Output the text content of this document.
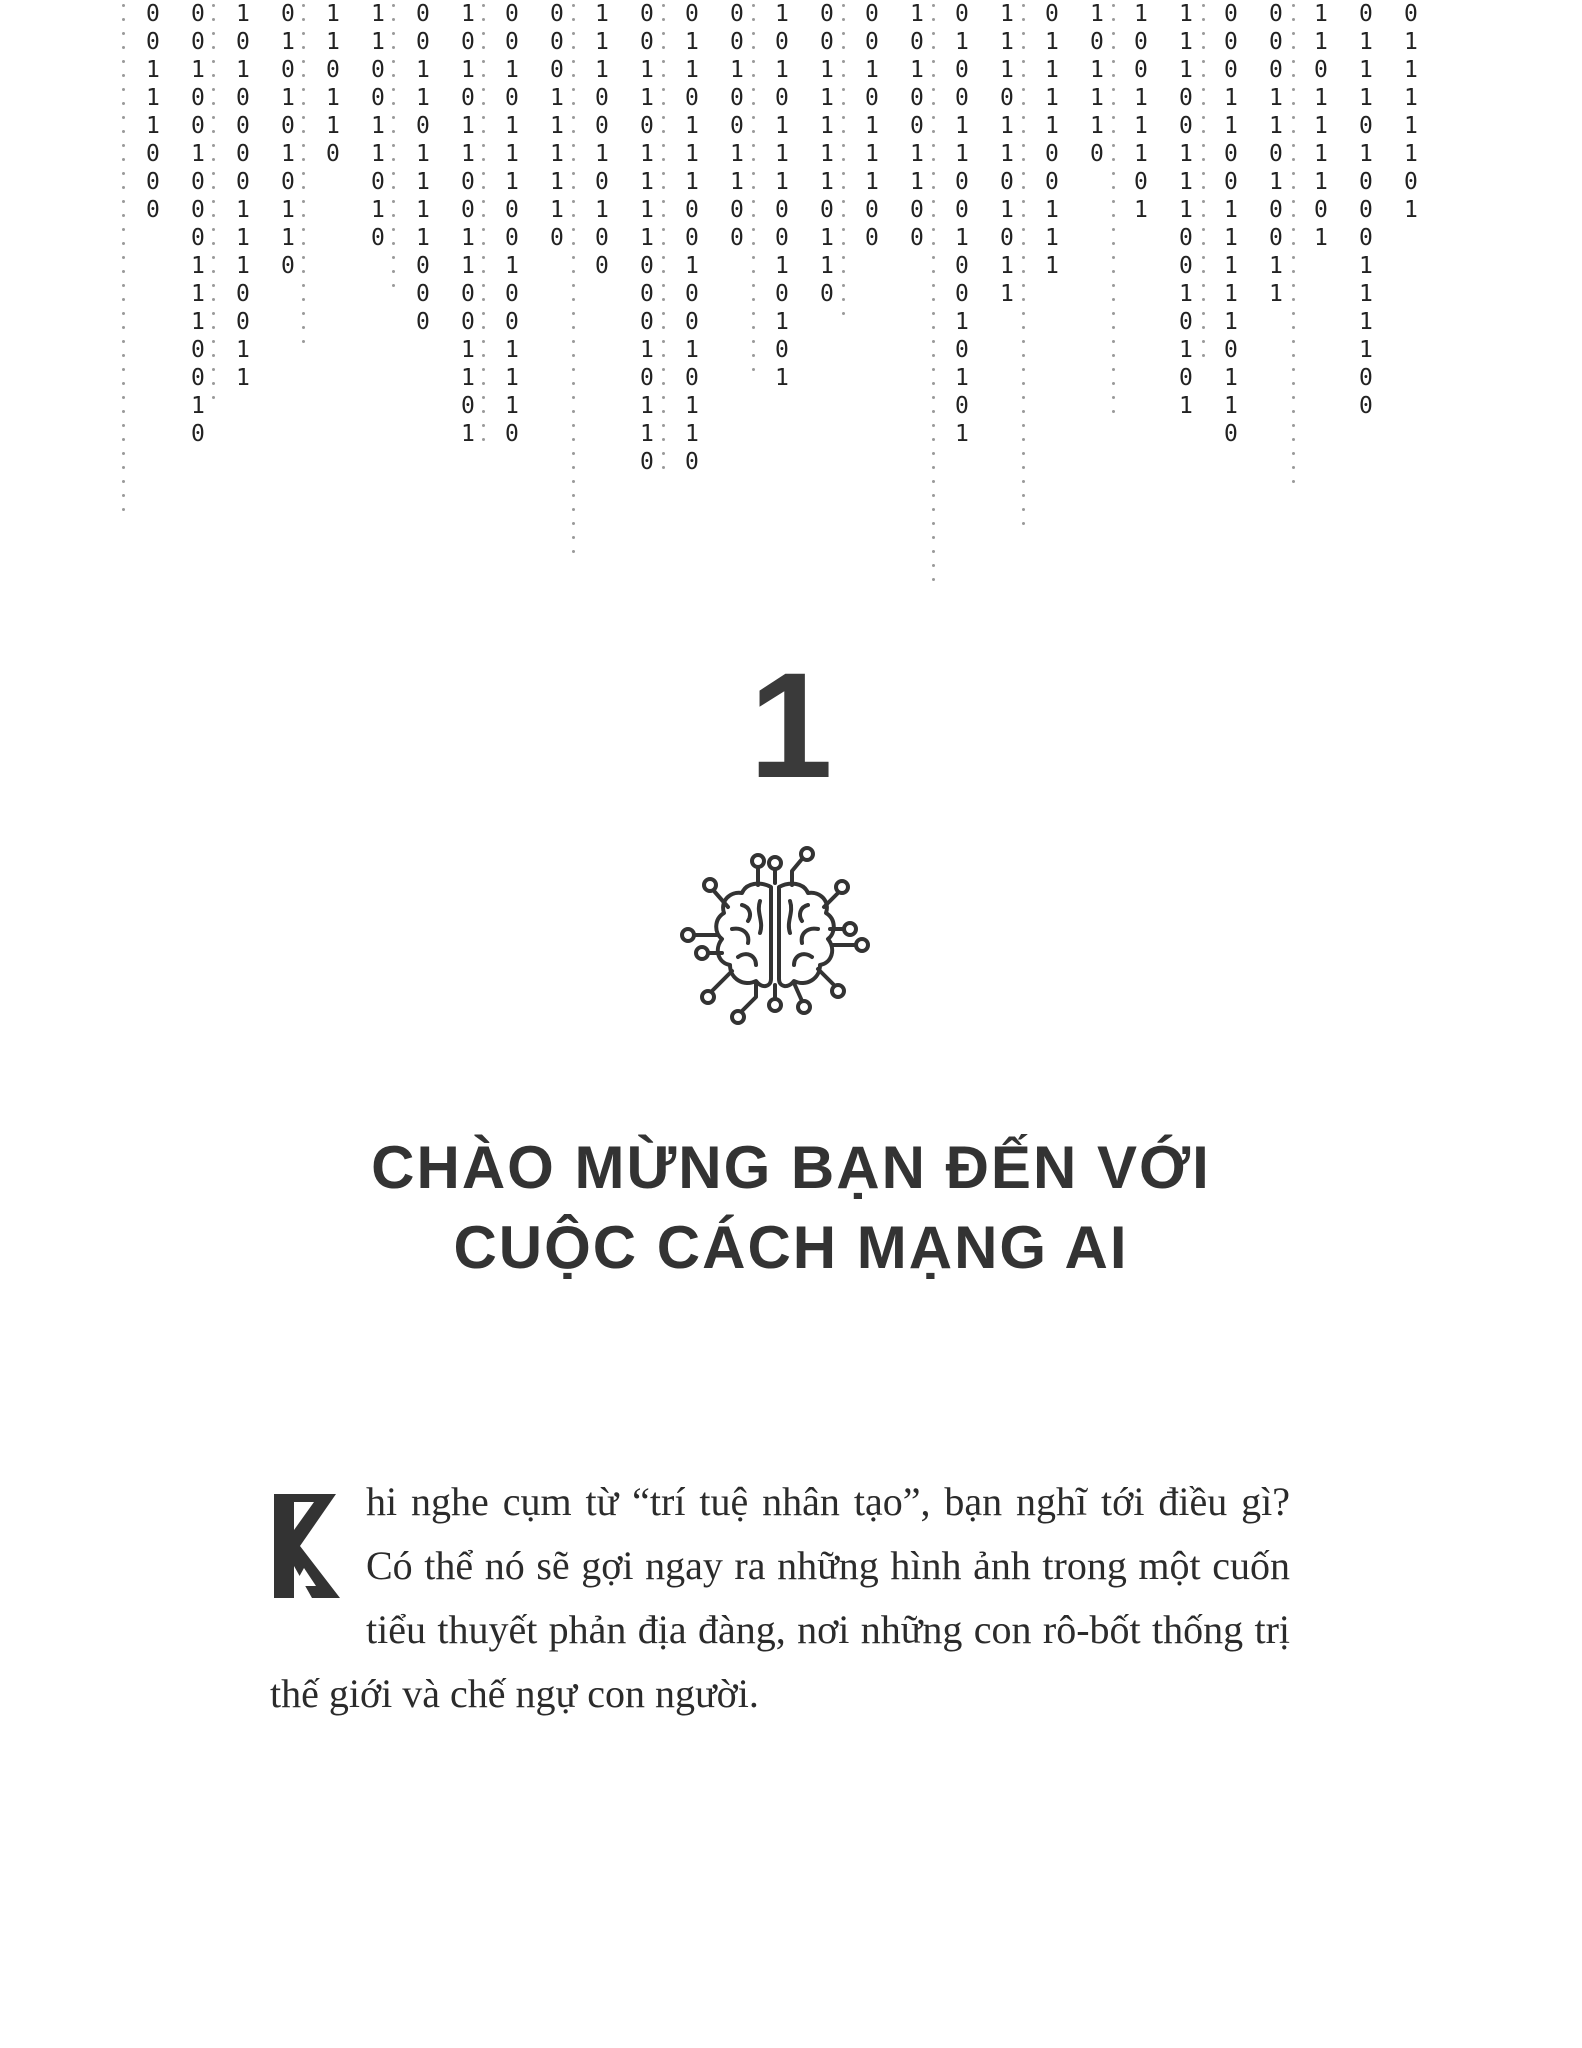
0
0
1
1
1
0
0
0
0
0
1
0
0
1
0
0
0
1
1
1
0
0
1
0
1
0
1
0
0
0
0
1
1
1
0
0
1
1
0
1
0
1
0
1
0
1
1
0
1
1
0
1
1
0
1
1
0
0
1
1
0
1
0
0
0
1
1
0
1
1
1
1
0
0
0
1
0
1
0
1
1
0
0
1
1
0
0
1
1
0
1
0
0
1
0
1
1
1
0
0
1
0
0
1
1
1
0
0
0
0
1
1
1
1
1
0
1
1
1
0
0
1
0
1
0
0
0
0
1
1
0
1
1
1
1
0
0
0
1
0
1
1
0
0
1
1
0
1
1
1
0
0
1
0
0
1
0
1
1
0
0
0
1
0
0
1
1
0
0
1
0
1
0
1
1
1
0
0
1
0
1
0
1
0
0
1
1
1
1
1
0
1
1
0
0
0
1
0
1
1
1
0
0
1
0
1
0
0
1
1
0
0
0
1
0
0
1
1
0
0
1
0
0
1
0
1
0
1
1
1
1
0
1
1
0
1
0
1
1
0
1
1
1
1
0
0
1
1
1
1
0
1
1
1
0
1
0
0
1
1
1
0
1
1
1
1
0
0
1
1
1
0
0
1
0
1
0
1
0
0
0
1
1
0
0
1
1
1
1
1
0
1
1
0
0
0
0
1
1
0
1
0
0
1
1
1
1
0
1
1
1
1
0
1
0
1
1
1
0
1
0
0
0
1
1
1
1
0
0
0
1
1
1
1
1
0
1
1
CHÀO MỪNG BẠN ĐẾN VỚI
CUỘC CÁCH MẠNG AI
hi nghe cụm từ “trí tuệ nhân tạo”, bạn nghĩ tới điều gì? Có thể nó sẽ gợi ngay ra những hình ảnh trong một cuốn tiểu thuyết phản địa đàng, nơi những con rô-bốt thống trị thế giới và chế ngự con người.
